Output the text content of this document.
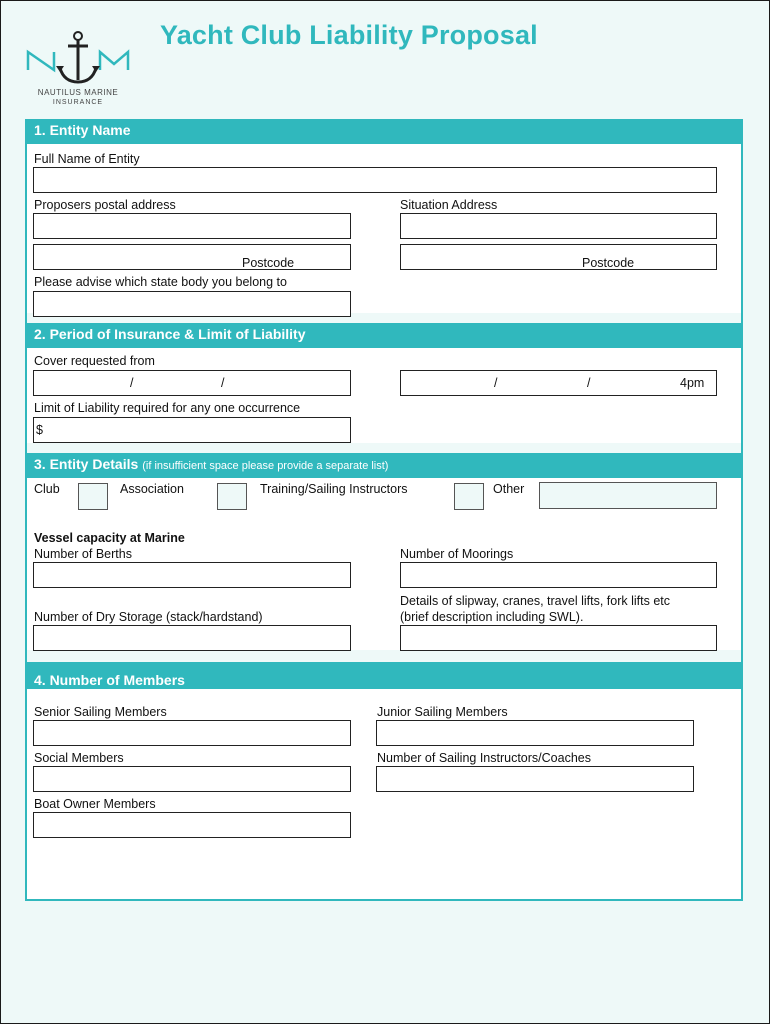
NAUTILUS MARINE
INSURANCE
Yacht Club Liability Proposal
1. Entity Name
Full Name of Entity
Proposers postal address	Situation Address
Postcode	Postcode
Please advise which state body you belong to
2. Period of Insurance & Limit of Liability
Cover requested from
/	/	/	/	4pm
Limit of Liability required for any one occurrence
$
3. Entity Details (if insufficient space please provide a separate list)
Club	Association	Training/Sailing Instructors	Other
Vessel capacity at Marine
Number of Berths	Number of Moorings
Details of slipway, cranes, travel lifts, fork lifts etc
(brief description including SWL).
Number of Dry Storage (stack/hardstand)
4. Number of Members
Senior Sailing Members	Junior Sailing Members
Social Members	Number of Sailing Instructors/Coaches
Boat Owner Members
